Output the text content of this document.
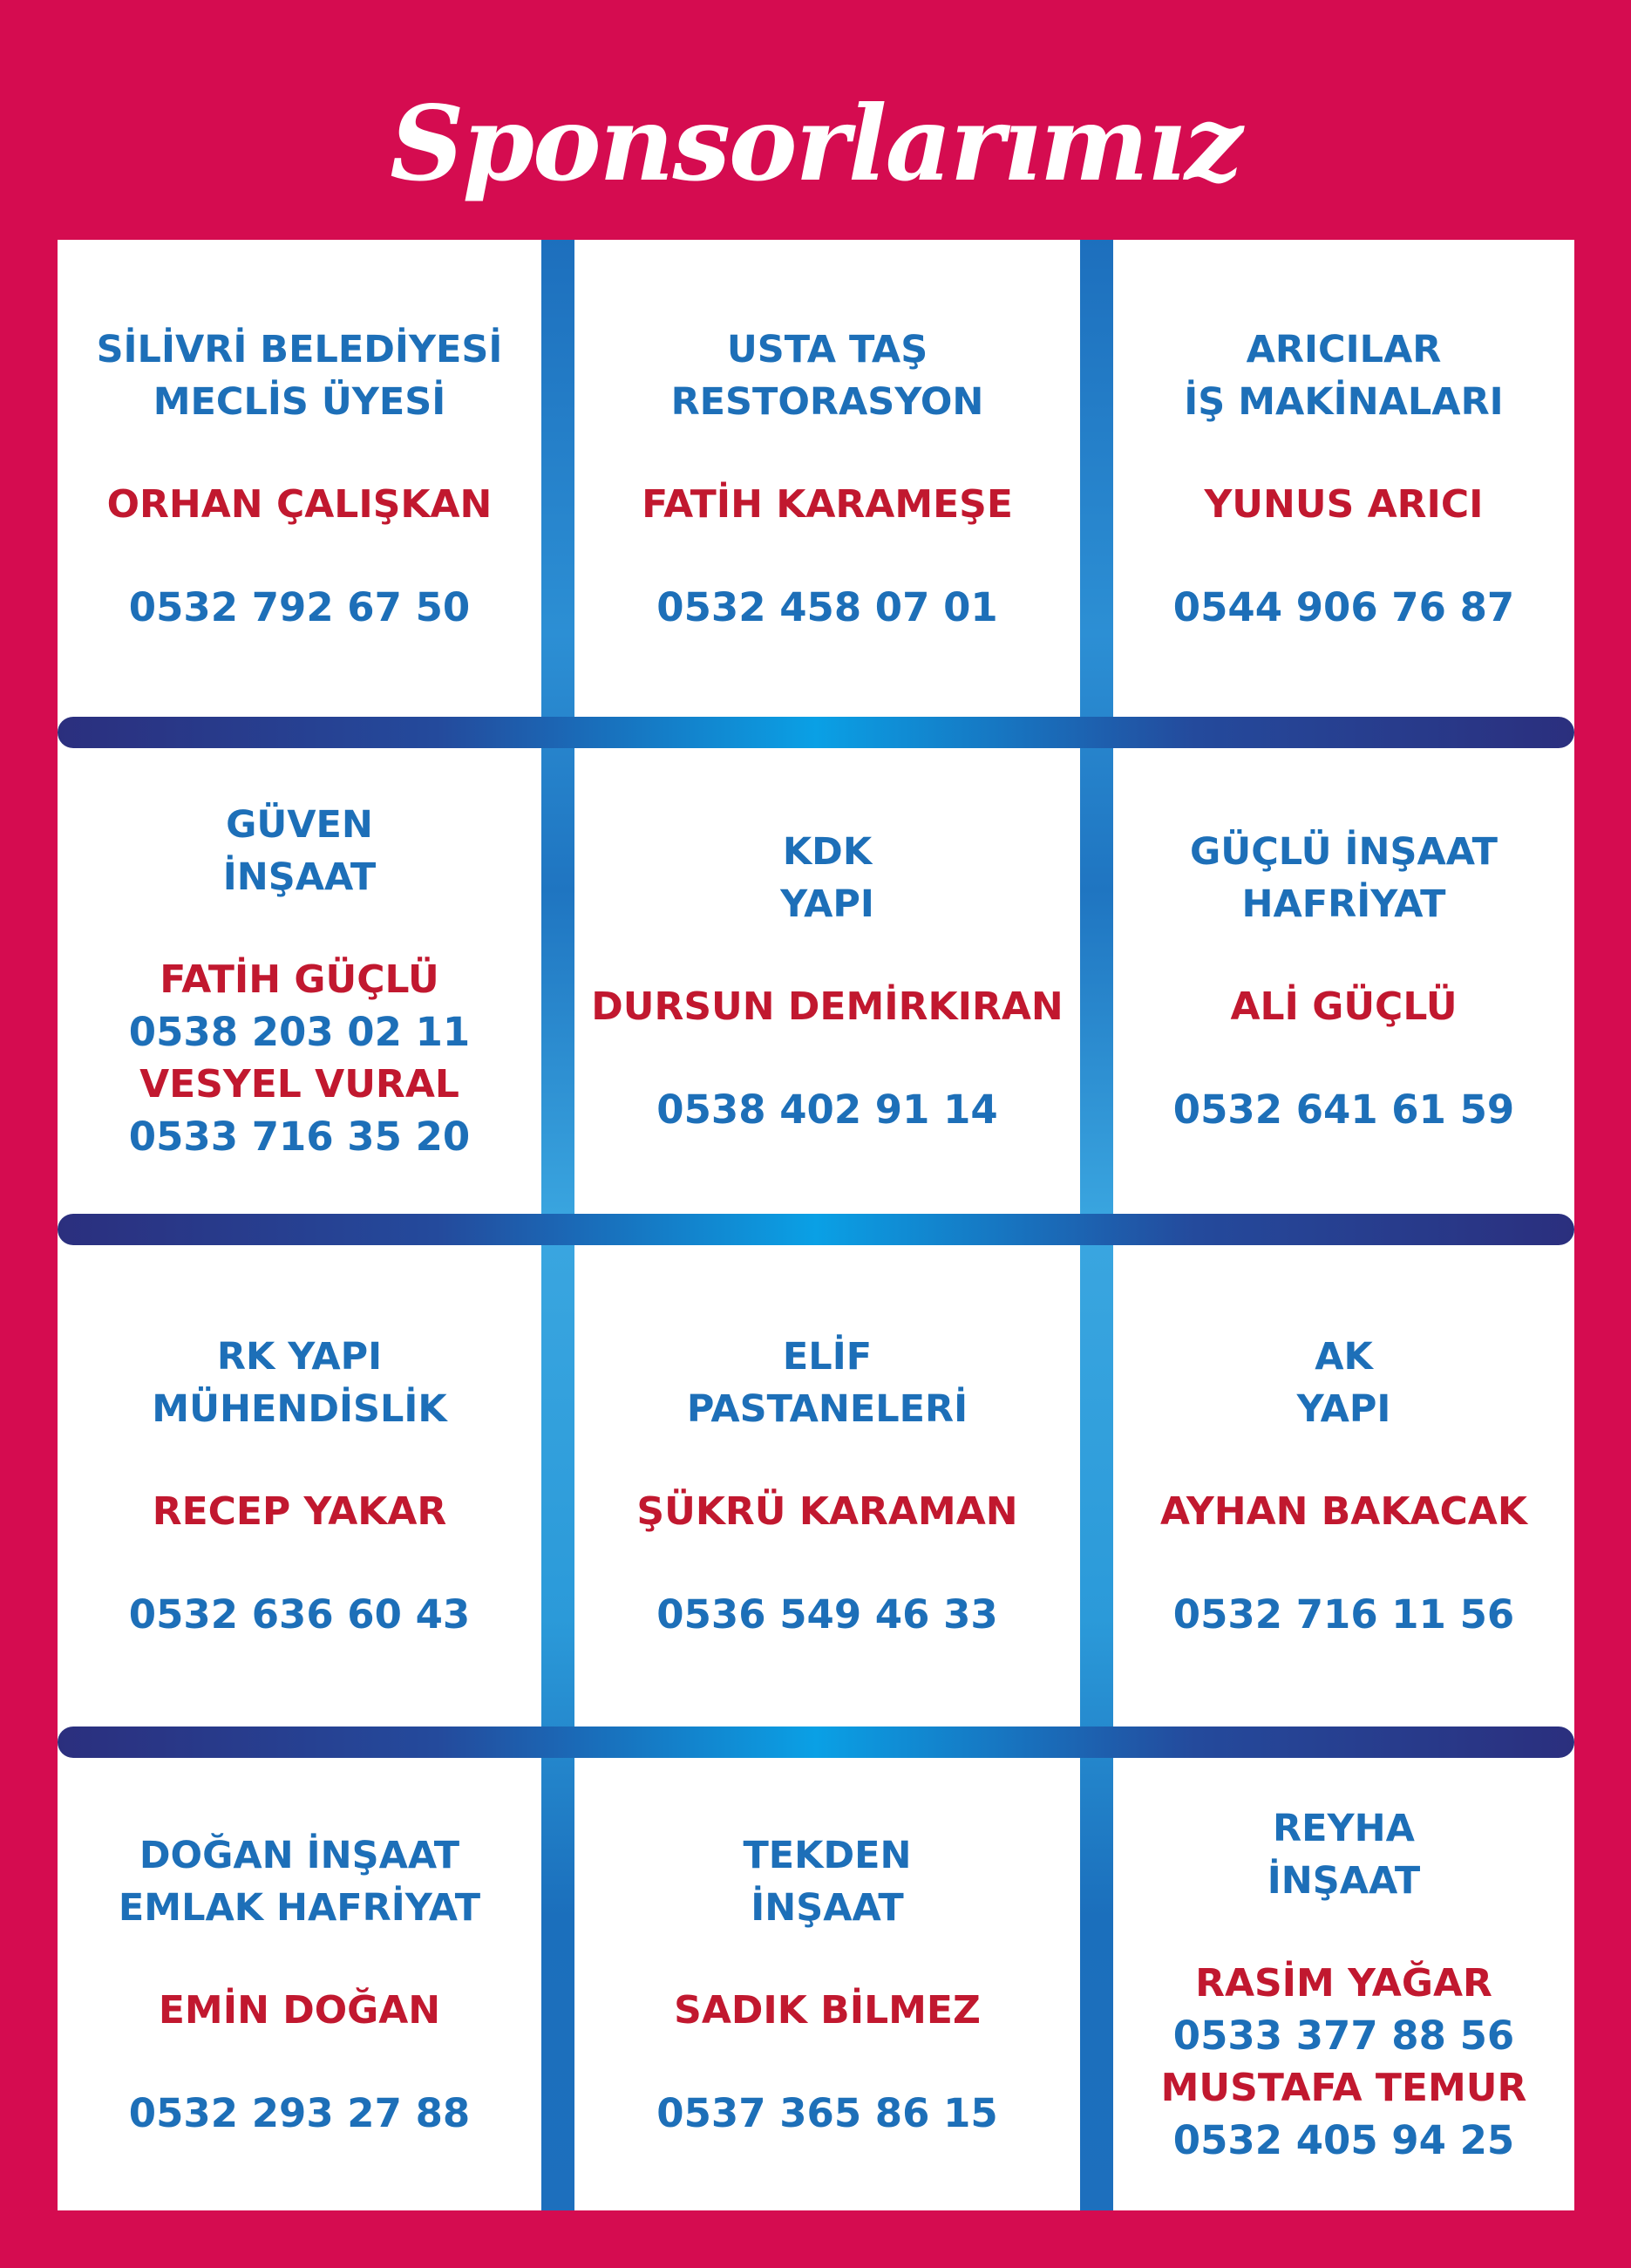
Sponsorlarımız
SİLİVRİ BELEDİYESİ
MECLİS ÜYESİ
ORHAN ÇALIŞKAN
0532 792 67 50
USTA TAŞ
RESTORASYON
FATİH KARAMEŞE
0532 458 07 01
ARICILAR
İŞ MAKİNALARI
YUNUS ARICI
0544 906 76 87
GÜVEN
İNŞAAT
FATİH GÜÇLÜ
0538 203 02 11
VESYEL VURAL
0533 716 35 20
KDK
YAPI
DURSUN DEMİRKIRAN
0538 402 91 14
GÜÇLÜ İNŞAAT
HAFRİYAT
ALİ GÜÇLÜ
0532 641 61 59
RK YAPI
MÜHENDİSLİK
RECEP YAKAR
0532 636 60 43
ELİF
PASTANELERİ
ŞÜKRÜ KARAMAN
0536 549 46 33
AK
YAPI
AYHAN BAKACAK
0532 716 11 56
DOĞAN İNŞAAT
EMLAK HAFRİYAT
EMİN DOĞAN
0532 293 27 88
TEKDEN
İNŞAAT
SADIK BİLMEZ
0537 365 86 15
REYHA
İNŞAAT
RASİM YAĞAR
0533 377 88 56
MUSTAFA TEMUR
0532 405 94 25
